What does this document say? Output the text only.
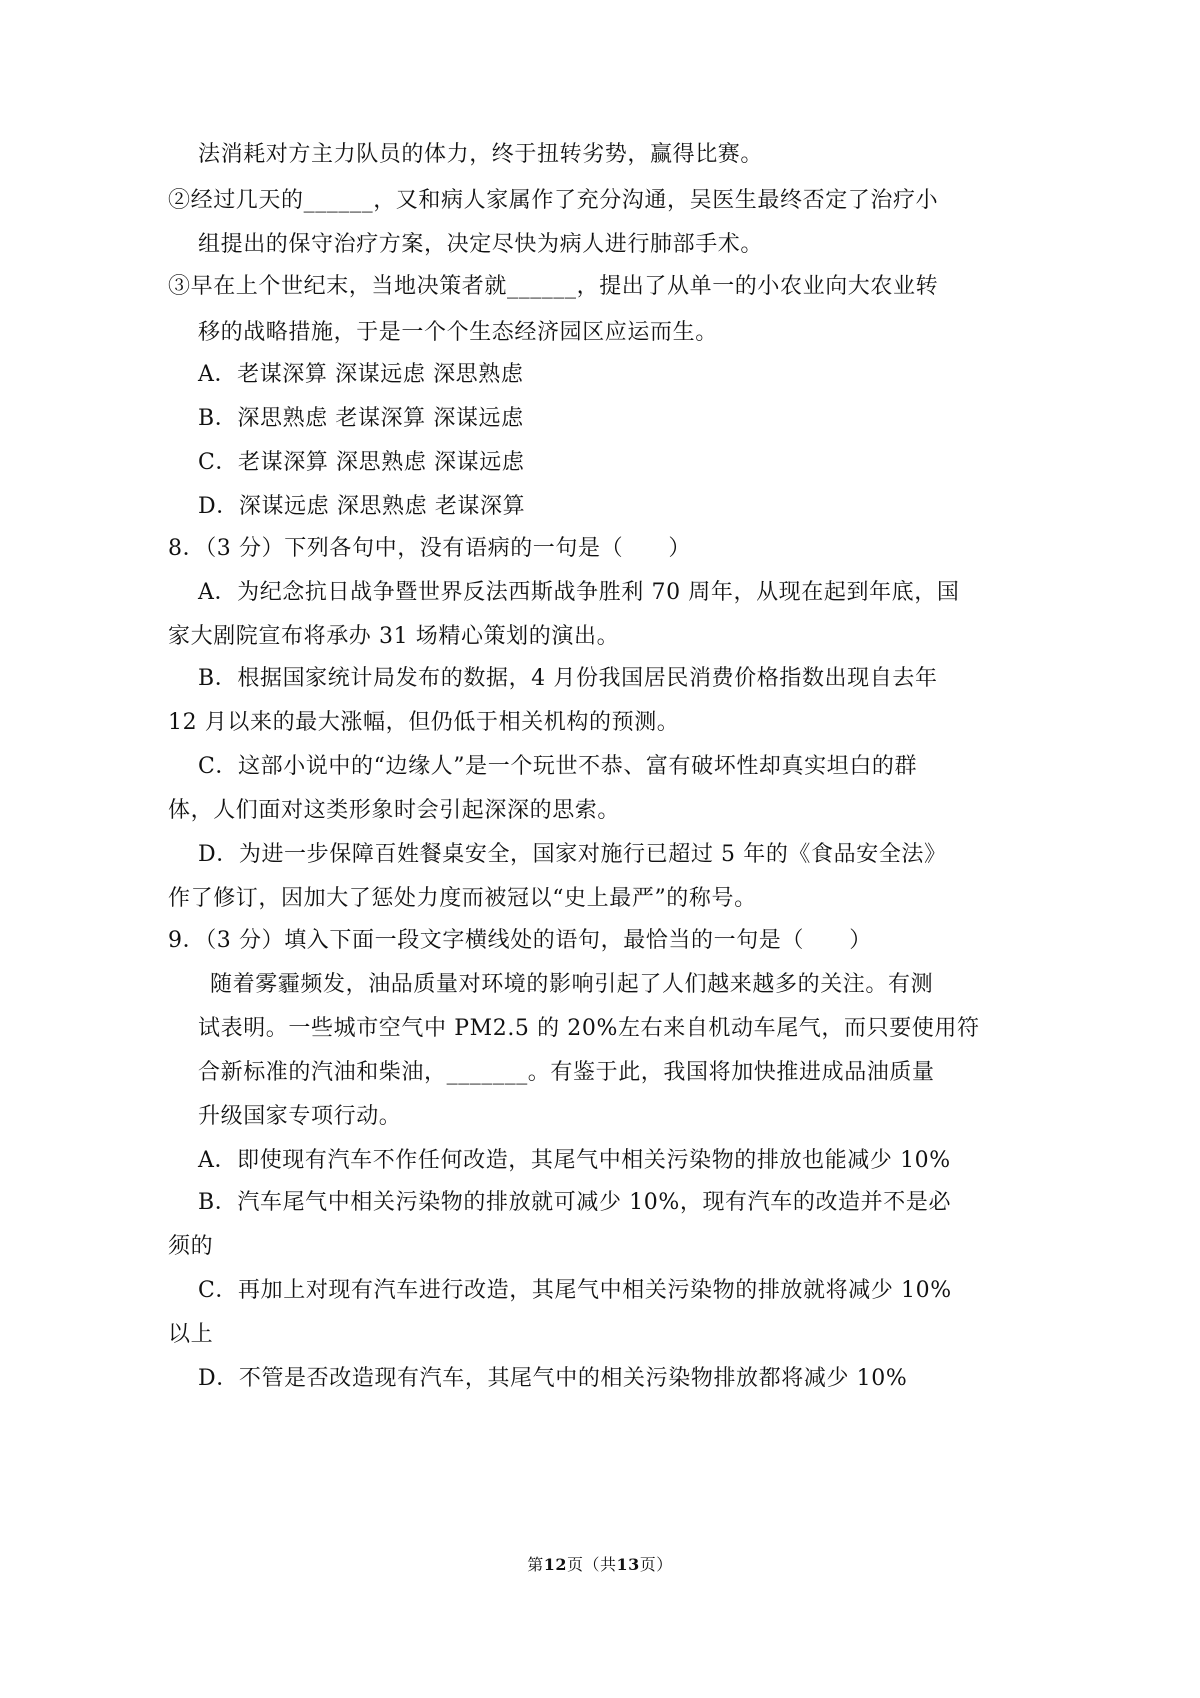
法消耗对方主力队员的体力，终于扭转劣势，赢得比赛。
②经过几天的______，又和病人家属作了充分沟通，吴医生最终否定了治疗小
组提出的保守治疗方案，决定尽快为病人进行肺部手术。
③早在上个世纪末，当地决策者就______，提出了从单一的小农业向大农业转
移的战略措施，于是一个个生态经济园区应运而生。
A．老谋深算 深谋远虑 深思熟虑
B．深思熟虑 老谋深算 深谋远虑
C．老谋深算 深思熟虑 深谋远虑
D．深谋远虑 深思熟虑 老谋深算
8．（3 分）下列各句中，没有语病的一句是（　　）
A．为纪念抗日战争暨世界反法西斯战争胜利 70 周年，从现在起到年底，国
家大剧院宣布将承办 31 场精心策划的演出。
B．根据国家统计局发布的数据，4 月份我国居民消费价格指数出现自去年
12 月以来的最大涨幅，但仍低于相关机构的预测。
C．这部小说中的“边缘人”是一个玩世不恭、富有破坏性却真实坦白的群
体，人们面对这类形象时会引起深深的思索。
D．为进一步保障百姓餐桌安全，国家对施行已超过 5 年的《食品安全法》
作了修订，因加大了惩处力度而被冠以“史上最严”的称号。
9．（3 分）填入下面一段文字横线处的语句，最恰当的一句是（　　）
随着雾霾频发，油品质量对环境的影响引起了人们越来越多的关注。有测
试表明。一些城市空气中 PM2.5 的 20%左右来自机动车尾气，而只要使用符
合新标准的汽油和柴油，_______。有鉴于此，我国将加快推进成品油质量
升级国家专项行动。
A．即使现有汽车不作任何改造，其尾气中相关污染物的排放也能减少 10%
B．汽车尾气中相关污染物的排放就可减少 10%，现有汽车的改造并不是必
须的
C．再加上对现有汽车进行改造，其尾气中相关污染物的排放就将减少 10%
以上
D．不管是否改造现有汽车，其尾气中的相关污染物排放都将减少 10%
第12页（共13页）
